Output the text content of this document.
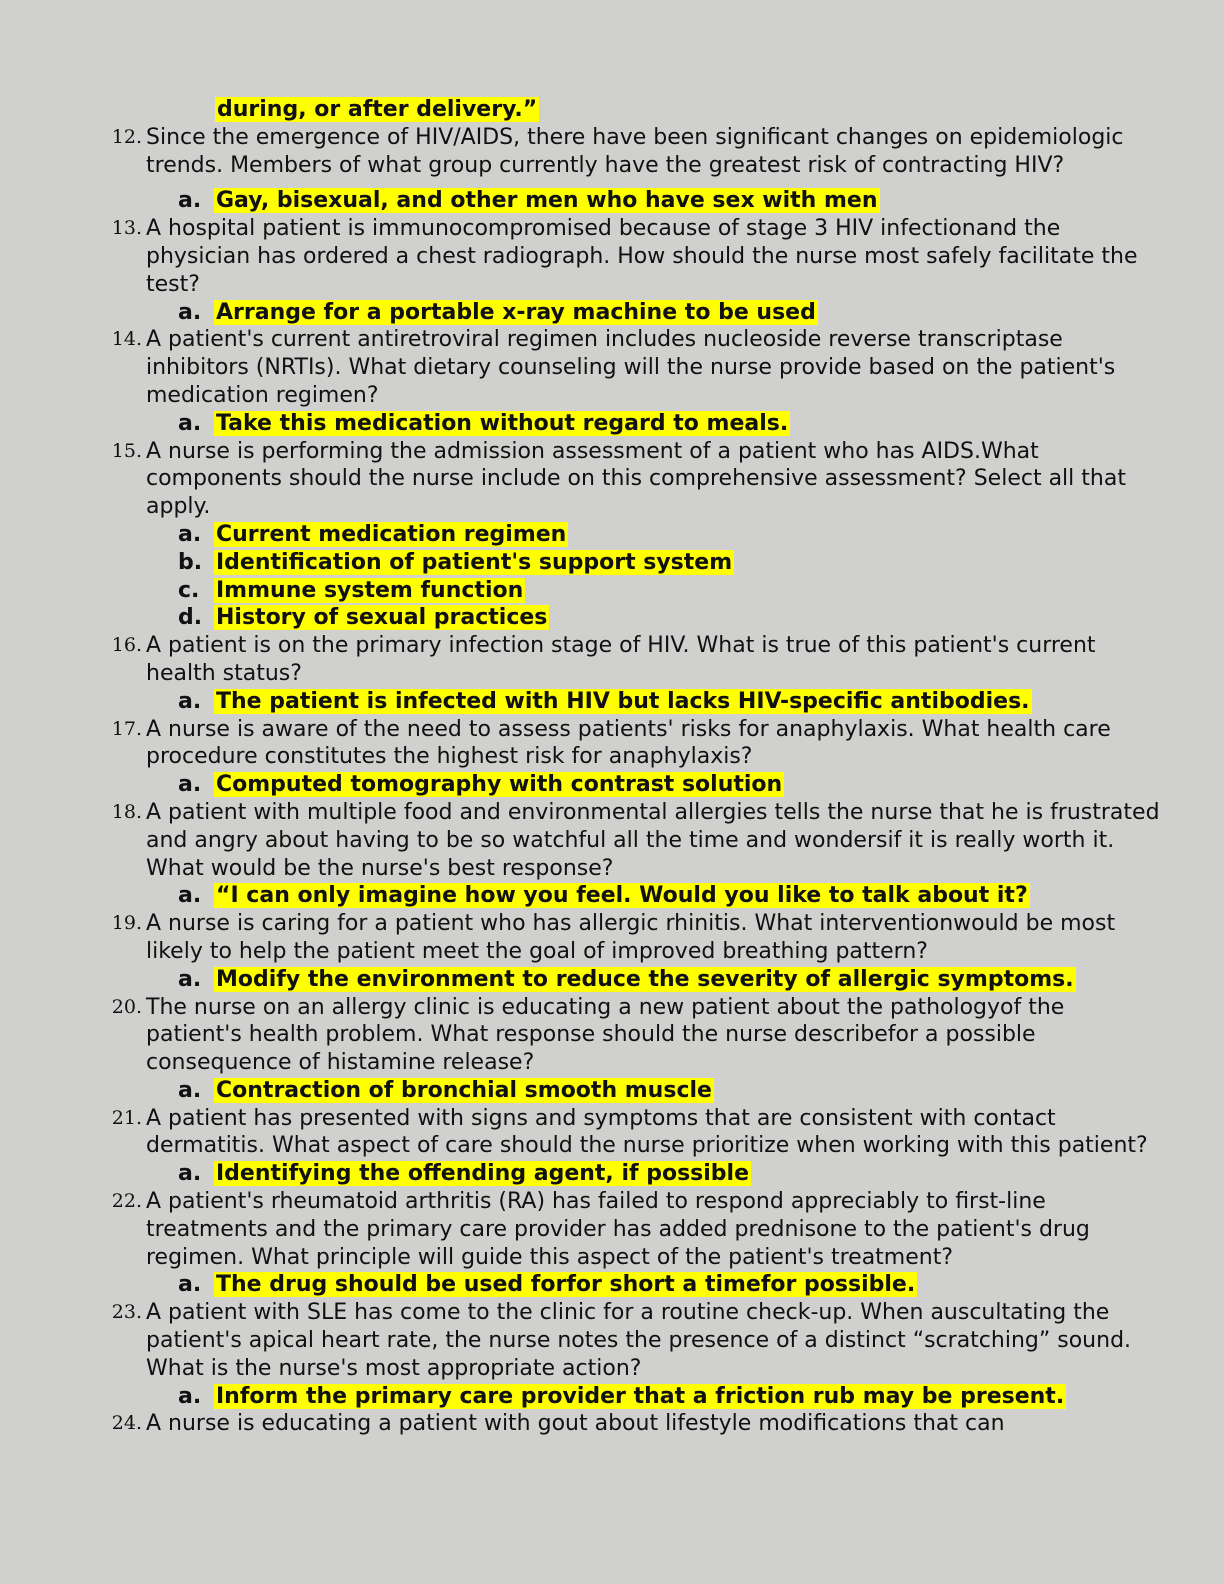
during, or after delivery.”
12. Since the emergence of HIV/AIDS, there have been significant changes on epidemiologic trends. Members of what group currently have the greatest risk of contracting HIV?
a. Gay, bisexual, and other men who have sex with men
13. A hospital patient is immunocompromised because of stage 3 HIV infectionand the physician has ordered a chest radiograph. How should the nurse most safely facilitate the test?
a. Arrange for a portable x-ray machine to be used
14. A patient's current antiretroviral regimen includes nucleoside reverse transcriptase inhibitors (NRTIs). What dietary counseling will the nurse provide based on the patient's medication regimen?
a. Take this medication without regard to meals.
15. A nurse is performing the admission assessment of a patient who has AIDS.What components should the nurse include on this comprehensive assessment? Select all that apply.
a. Current medication regimen
b. Identification of patient's support system
c. Immune system function
d. History of sexual practices
16. A patient is on the primary infection stage of HIV. What is true of this patient's current health status?
a. The patient is infected with HIV but lacks HIV-specific antibodies.
17. A nurse is aware of the need to assess patients' risks for anaphylaxis. What health care procedure constitutes the highest risk for anaphylaxis?
a. Computed tomography with contrast solution
18. A patient with multiple food and environmental allergies tells the nurse that he is frustrated and angry about having to be so watchful all the time and wondersif it is really worth it. What would be the nurse's best response?
a. “I can only imagine how you feel. Would you like to talk about it?
19. A nurse is caring for a patient who has allergic rhinitis. What interventionwould be most likely to help the patient meet the goal of improved breathing pattern?
a. Modify the environment to reduce the severity of allergic symptoms.
20. The nurse on an allergy clinic is educating a new patient about the pathologyof the patient's health problem. What response should the nurse describefor a possible consequence of histamine release?
a. Contraction of bronchial smooth muscle
21. A patient has presented with signs and symptoms that are consistent with contact dermatitis. What aspect of care should the nurse prioritize when working with this patient?
a. Identifying the offending agent, if possible
22. A patient's rheumatoid arthritis (RA) has failed to respond appreciably to first-line treatments and the primary care provider has added prednisone to the patient's drug regimen. What principle will guide this aspect of the patient's treatment?
a. The drug should be used forfor short a timefor possible.
23. A patient with SLE has come to the clinic for a routine check-up. When auscultating the patient's apical heart rate, the nurse notes the presence of a distinct “scratching” sound. What is the nurse's most appropriate action?
a. Inform the primary care provider that a friction rub may be present.
24. A nurse is educating a patient with gout about lifestyle modifications that can
